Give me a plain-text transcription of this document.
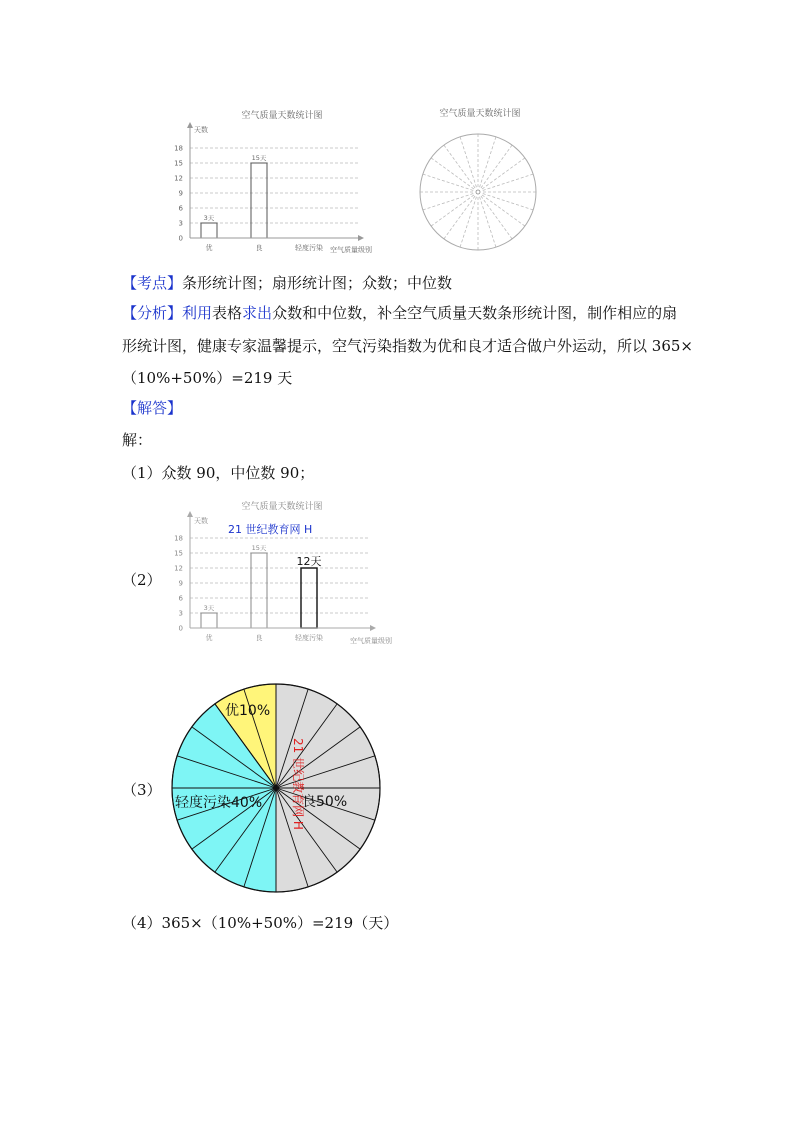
空气质量天数统计图
天数
空气质量级别
0
3
6
9
12
15
18
3天
15天
优	良	轻度污染
空气质量天数统计图
【考点】条形统计图；扇形统计图；众数；中位数
【分析】利用表格求出众数和中位数，补全空气质量天数条形统计图，制作相应的扇
形统计图，健康专家温馨提示，空气污染指数为优和良才适合做户外运动，所以 365×
（10%+50%）=219 天
【解答】
解：
（1）众数 90，中位数 90；
（2）
空气质量天数统计图
天数
21 世纪教育网 H
空气质量级别
0
3
6
9
12
15
18
3天
15天
12天
优	良	轻度污染
（3）
优10%
良50%
轻度污染40% 21 世纪教育网 H
（4）365×（10%+50%）=219（天）
